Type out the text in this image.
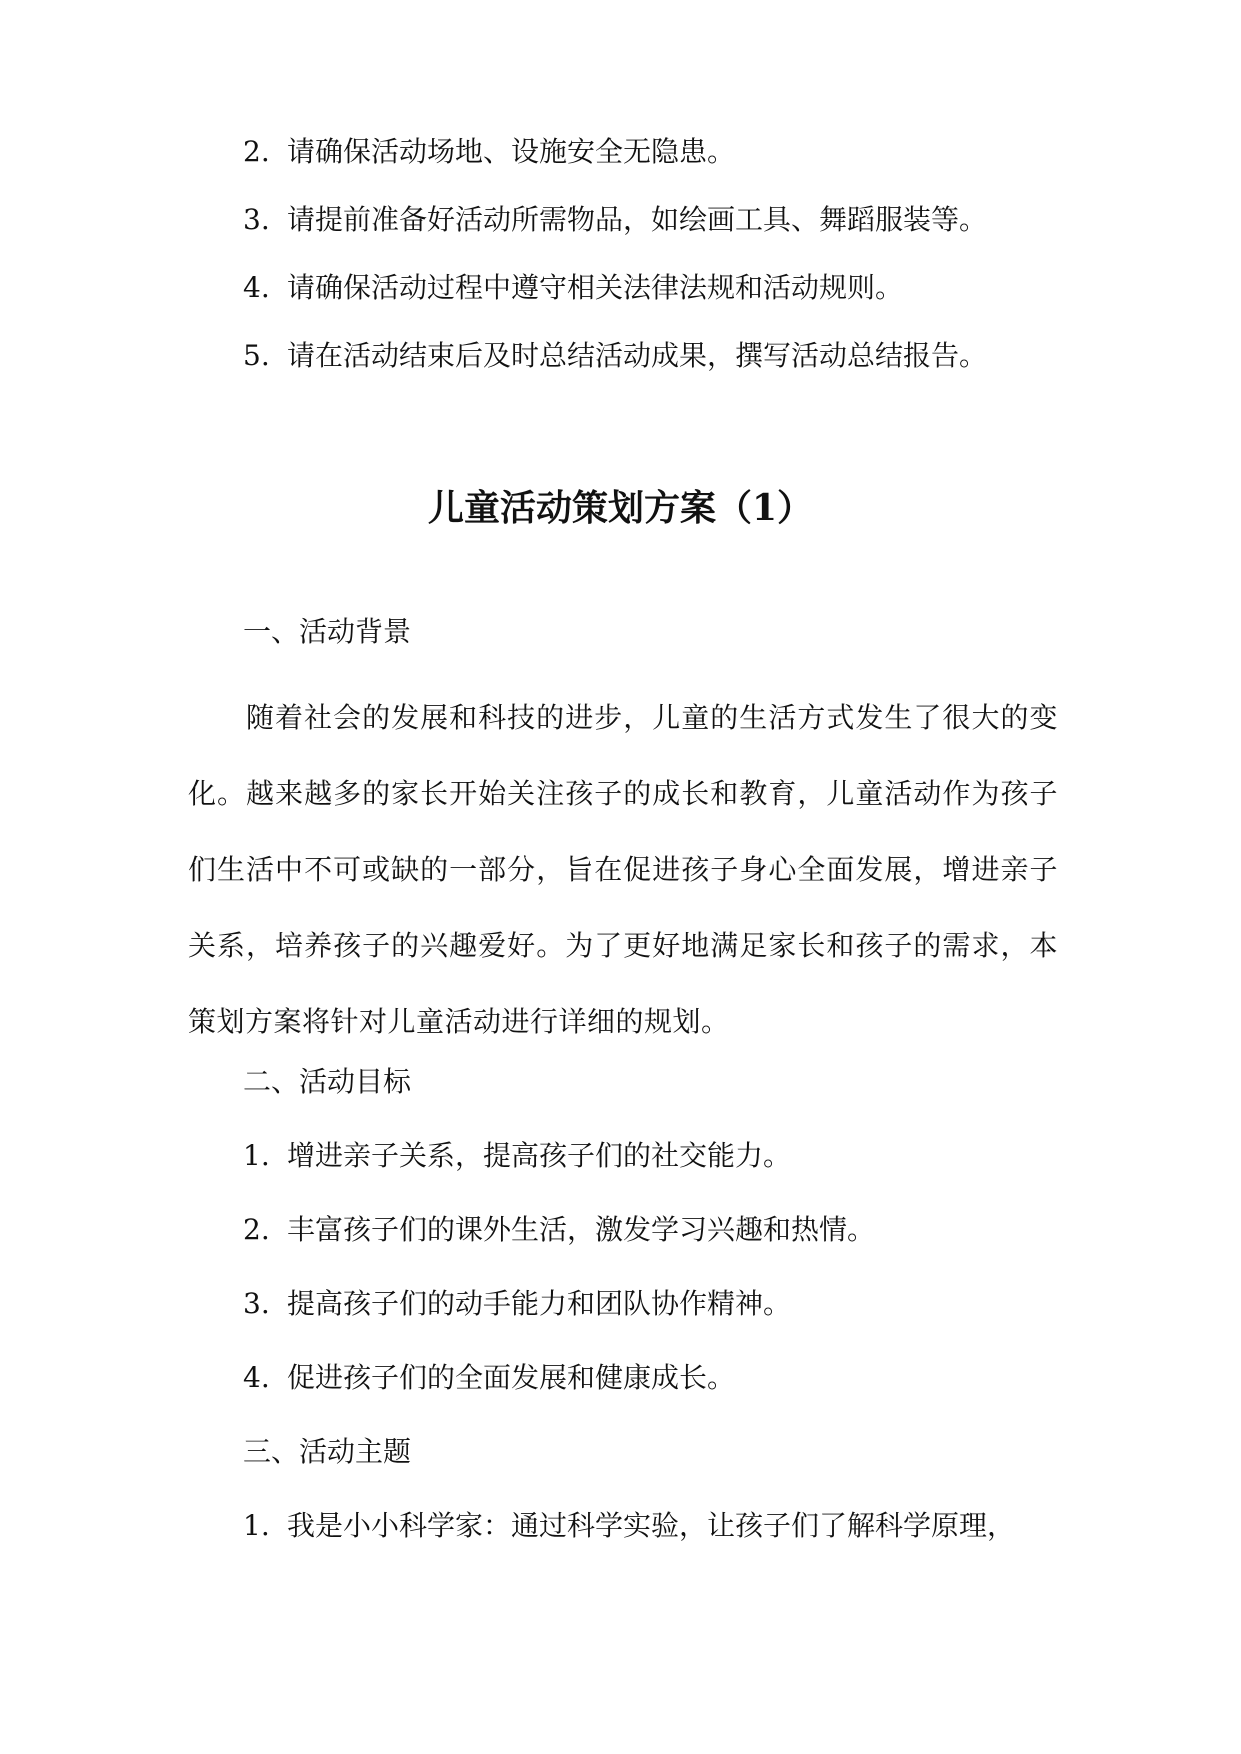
2. 请确保活动场地、设施安全无隐患。
3. 请提前准备好活动所需物品，如绘画工具、舞蹈服装等。
4. 请确保活动过程中遵守相关法律法规和活动规则。
5. 请在活动结束后及时总结活动成果，撰写活动总结报告。
儿童活动策划方案（1）
一、活动背景
随着社会的发展和科技的进步，儿童的生活方式发生了很大的变化。越来越多的家长开始关注孩子的成长和教育，儿童活动作为孩子们生活中不可或缺的一部分，旨在促进孩子身心全面发展，增进亲子关系，培养孩子的兴趣爱好。为了更好地满足家长和孩子的需求，本策划方案将针对儿童活动进行详细的规划。
二、活动目标
1. 增进亲子关系，提高孩子们的社交能力。
2. 丰富孩子们的课外生活，激发学习兴趣和热情。
3. 提高孩子们的动手能力和团队协作精神。
4. 促进孩子们的全面发展和健康成长。
三、活动主题
1. 我是小小科学家：通过科学实验，让孩子们了解科学原理，
